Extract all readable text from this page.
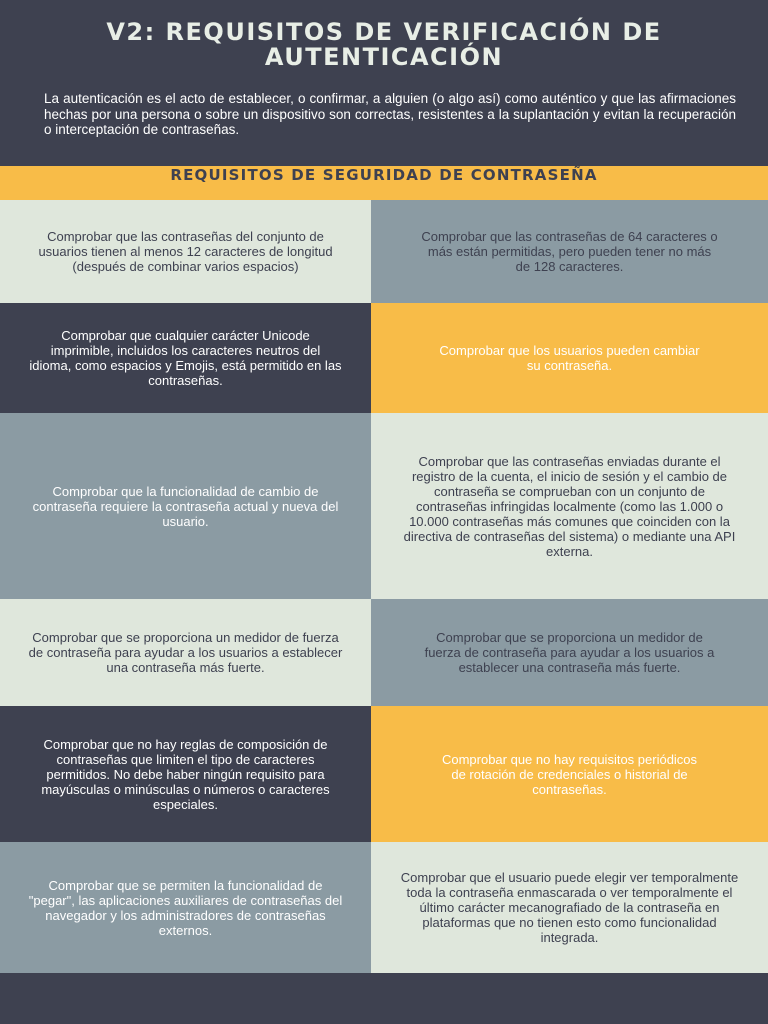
V2: REQUISITOS DE VERIFICACIÓN DE AUTENTICACIÓN

La autenticación es el acto de establecer, o confirmar, a alguien (o algo así) como auténtico y que las afirmaciones hechas por una persona o sobre un dispositivo son correctas, resistentes a la suplantación y evitan la recuperación o interceptación de contraseñas.

REQUISITOS DE SEGURIDAD DE CONTRASEÑA
Comprobar que las contraseñas del conjunto de usuarios tienen al menos 12 caracteres de longitud (después de combinar varios espacios)
Comprobar que las contraseñas de 64 caracteres o más están permitidas, pero pueden tener no más de 128 caracteres.
Comprobar que cualquier carácter Unicode imprimible, incluidos los caracteres neutros del idioma, como espacios y Emojis, está permitido en las contraseñas.
Comprobar que los usuarios pueden cambiar su contraseña.
Comprobar que la funcionalidad de cambio de contraseña requiere la contraseña actual y nueva del usuario.
Comprobar que las contraseñas enviadas durante el registro de la cuenta, el inicio de sesión y el cambio de contraseña se comprueban con un conjunto de contraseñas infringidas localmente (como las 1.000 o 10.000 contraseñas más comunes que coinciden con la directiva de contraseñas del sistema) o mediante una API externa.
Comprobar que se proporciona un medidor de fuerza de contraseña para ayudar a los usuarios a establecer una contraseña más fuerte.
Comprobar que se proporciona un medidor de fuerza de contraseña para ayudar a los usuarios a establecer una contraseña más fuerte.
Comprobar que no hay reglas de composición de contraseñas que limiten el tipo de caracteres permitidos. No debe haber ningún requisito para mayúsculas o minúsculas o números o caracteres especiales.
Comprobar que no hay requisitos periódicos de rotación de credenciales o historial de contraseñas.
Comprobar que se permiten la funcionalidad de "pegar", las aplicaciones auxiliares de contraseñas del navegador y los administradores de contraseñas externos.
Comprobar que el usuario puede elegir ver temporalmente toda la contraseña enmascarada o ver temporalmente el último carácter mecanografiado de la contraseña en plataformas que no tienen esto como funcionalidad integrada.
